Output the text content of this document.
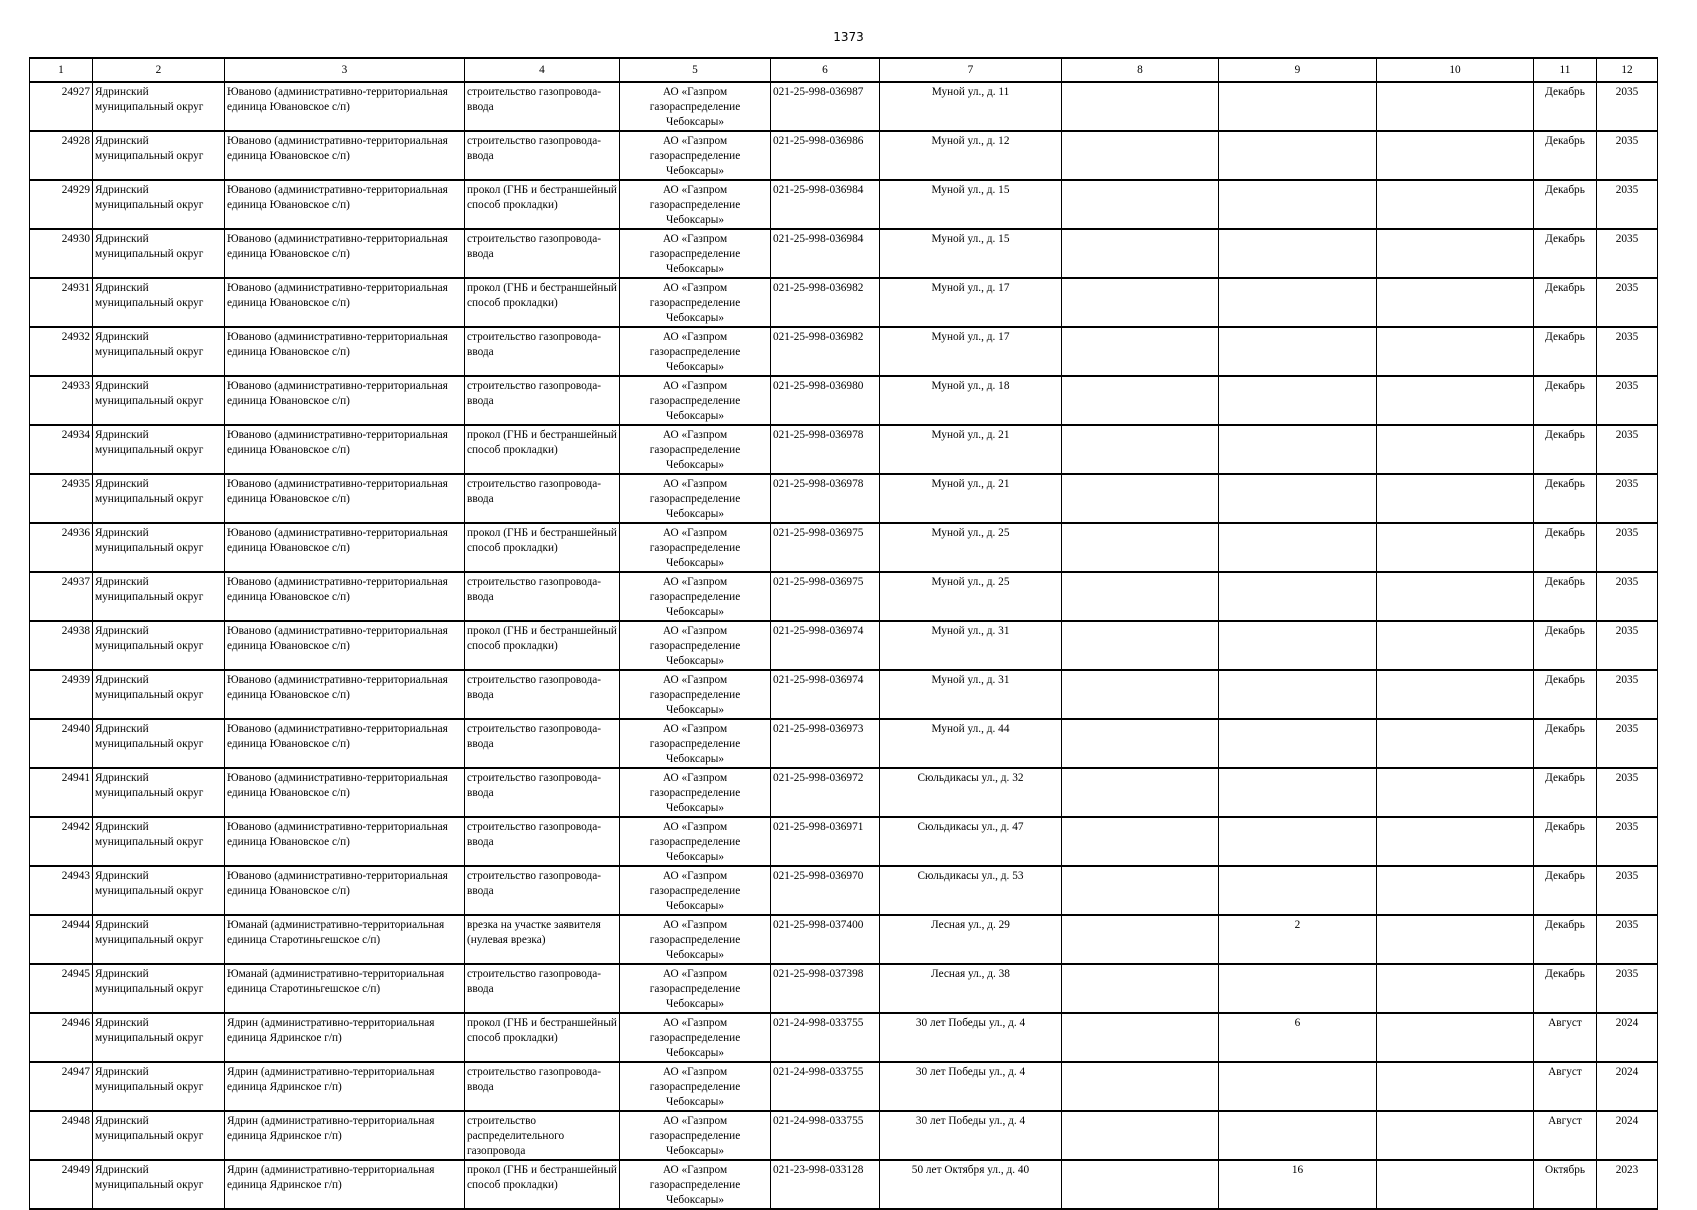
1373
1	2	3	4	5	6	7	8	9	10	11	12
24927	Ядринский муниципальный округ	Юваново (административно-территориальная единица Ювановское с/п)	строительство газопровода-ввода	АО «Газпром газораспределение Чебоксары»	021-25-998-036987	Муной ул., д. 11				Декабрь	2035
24928	Ядринский муниципальный округ	Юваново (административно-территориальная единица Ювановское с/п)	строительство газопровода-ввода	АО «Газпром газораспределение Чебоксары»	021-25-998-036986	Муной ул., д. 12				Декабрь	2035
24929	Ядринский муниципальный округ	Юваново (административно-территориальная единица Ювановское с/п)	прокол (ГНБ и бестраншейный способ прокладки)	АО «Газпром газораспределение Чебоксары»	021-25-998-036984	Муной ул., д. 15				Декабрь	2035
24930	Ядринский муниципальный округ	Юваново (административно-территориальная единица Ювановское с/п)	строительство газопровода-ввода	АО «Газпром газораспределение Чебоксары»	021-25-998-036984	Муной ул., д. 15				Декабрь	2035
24931	Ядринский муниципальный округ	Юваново (административно-территориальная единица Ювановское с/п)	прокол (ГНБ и бестраншейный способ прокладки)	АО «Газпром газораспределение Чебоксары»	021-25-998-036982	Муной ул., д. 17				Декабрь	2035
24932	Ядринский муниципальный округ	Юваново (административно-территориальная единица Ювановское с/п)	строительство газопровода-ввода	АО «Газпром газораспределение Чебоксары»	021-25-998-036982	Муной ул., д. 17				Декабрь	2035
24933	Ядринский муниципальный округ	Юваново (административно-территориальная единица Ювановское с/п)	строительство газопровода-ввода	АО «Газпром газораспределение Чебоксары»	021-25-998-036980	Муной ул., д. 18				Декабрь	2035
24934	Ядринский муниципальный округ	Юваново (административно-территориальная единица Ювановское с/п)	прокол (ГНБ и бестраншейный способ прокладки)	АО «Газпром газораспределение Чебоксары»	021-25-998-036978	Муной ул., д. 21				Декабрь	2035
24935	Ядринский муниципальный округ	Юваново (административно-территориальная единица Ювановское с/п)	строительство газопровода-ввода	АО «Газпром газораспределение Чебоксары»	021-25-998-036978	Муной ул., д. 21				Декабрь	2035
24936	Ядринский муниципальный округ	Юваново (административно-территориальная единица Ювановское с/п)	прокол (ГНБ и бестраншейный способ прокладки)	АО «Газпром газораспределение Чебоксары»	021-25-998-036975	Муной ул., д. 25				Декабрь	2035
24937	Ядринский муниципальный округ	Юваново (административно-территориальная единица Ювановское с/п)	строительство газопровода-ввода	АО «Газпром газораспределение Чебоксары»	021-25-998-036975	Муной ул., д. 25				Декабрь	2035
24938	Ядринский муниципальный округ	Юваново (административно-территориальная единица Ювановское с/п)	прокол (ГНБ и бестраншейный способ прокладки)	АО «Газпром газораспределение Чебоксары»	021-25-998-036974	Муной ул., д. 31				Декабрь	2035
24939	Ядринский муниципальный округ	Юваново (административно-территориальная единица Ювановское с/п)	строительство газопровода-ввода	АО «Газпром газораспределение Чебоксары»	021-25-998-036974	Муной ул., д. 31				Декабрь	2035
24940	Ядринский муниципальный округ	Юваново (административно-территориальная единица Ювановское с/п)	строительство газопровода-ввода	АО «Газпром газораспределение Чебоксары»	021-25-998-036973	Муной ул., д. 44				Декабрь	2035
24941	Ядринский муниципальный округ	Юваново (административно-территориальная единица Ювановское с/п)	строительство газопровода-ввода	АО «Газпром газораспределение Чебоксары»	021-25-998-036972	Сюльдикасы ул., д. 32				Декабрь	2035
24942	Ядринский муниципальный округ	Юваново (административно-территориальная единица Ювановское с/п)	строительство газопровода-ввода	АО «Газпром газораспределение Чебоксары»	021-25-998-036971	Сюльдикасы ул., д. 47				Декабрь	2035
24943	Ядринский муниципальный округ	Юваново (административно-территориальная единица Ювановское с/п)	строительство газопровода-ввода	АО «Газпром газораспределение Чебоксары»	021-25-998-036970	Сюльдикасы ул., д. 53				Декабрь	2035
24944	Ядринский муниципальный округ	Юманай (административно-территориальная единица Старотиньгешское с/п)	врезка на участке заявителя (нулевая врезка)	АО «Газпром газораспределение Чебоксары»	021-25-998-037400	Лесная ул., д. 29		2		Декабрь	2035
24945	Ядринский муниципальный округ	Юманай (административно-территориальная единица Старотиньгешское с/п)	строительство газопровода-ввода	АО «Газпром газораспределение Чебоксары»	021-25-998-037398	Лесная ул., д. 38				Декабрь	2035
24946	Ядринский муниципальный округ	Ядрин (административно-территориальная единица Ядринское г/п)	прокол (ГНБ и бестраншейный способ прокладки)	АО «Газпром газораспределение Чебоксары»	021-24-998-033755	30 лет Победы ул., д. 4		6		Август	2024
24947	Ядринский муниципальный округ	Ядрин (административно-территориальная единица Ядринское г/п)	строительство газопровода-ввода	АО «Газпром газораспределение Чебоксары»	021-24-998-033755	30 лет Победы ул., д. 4				Август	2024
24948	Ядринский муниципальный округ	Ядрин (административно-территориальная единица Ядринское г/п)	строительство распределительного газопровода	АО «Газпром газораспределение Чебоксары»	021-24-998-033755	30 лет Победы ул., д. 4				Август	2024
24949	Ядринский муниципальный округ	Ядрин (административно-территориальная единица Ядринское г/п)	прокол (ГНБ и бестраншейный способ прокладки)	АО «Газпром газораспределение Чебоксары»	021-23-998-033128	50 лет Октября ул., д. 40		16		Октябрь	2023
